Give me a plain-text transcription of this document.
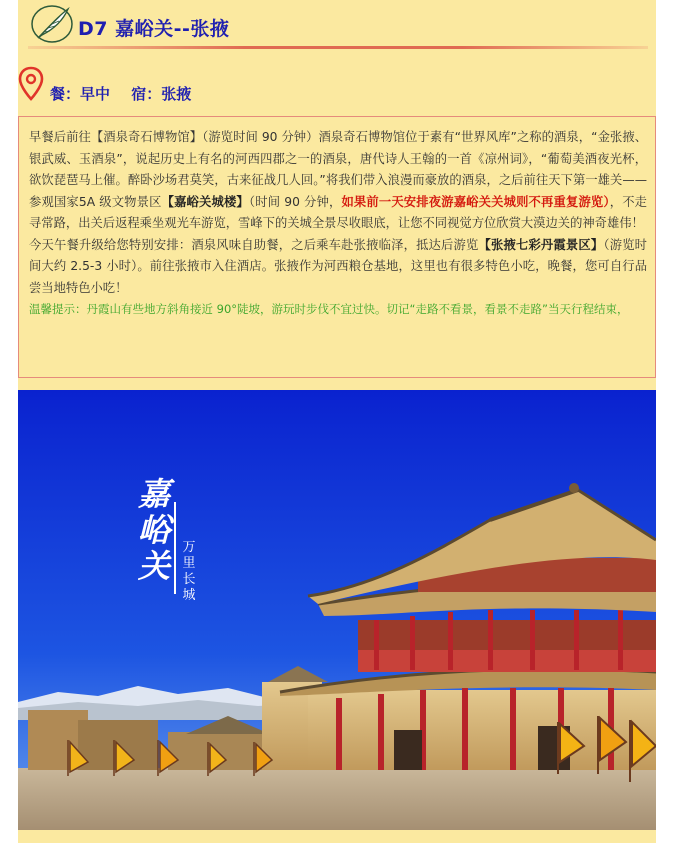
D7 嘉峪关--张掖
餐：早中 宿：张掖

早餐后前往【酒泉奇石博物馆】（游览时间 90 分钟）酒泉奇石博物馆位于素有“世界风库”之称的酒泉，“金张掖、银武威、玉酒泉”，说起历史上有名的河西四郡之一的酒泉，唐代诗人王翰的一首《凉州词》，“葡萄美酒夜光杯，欲饮琵琶马上催。醉卧沙场君莫笑，古来征战几人回。”将我们带入浪漫而豪放的酒泉，之后前往天下第一雄关——参观国家5A 级文物景区【嘉峪关城楼】（时间 90 分钟，如果前一天安排夜游嘉峪关关城则不再重复游览），不走寻常路，出关后返程乘坐观光车游览，雪峰下的关城全景尽收眼底，让您不同视觉方位欣赏大漠边关的神奇雄伟！

今天午餐升级给您特别安排：酒泉风味自助餐，之后乘车赴张掖临泽，抵达后游览【张掖七彩丹霞景区】（游览时间大约 2.5-3 小时）。前往张掖市入住酒店。张掖作为河西粮仓基地，这里也有很多特色小吃，晚餐，您可自行品尝当地特色小吃！

温馨提示：丹霞山有些地方斜角接近 90°陡坡，游玩时步伐不宜过快。切记“走路不看景，看景不走路”当天行程结束，

嘉峪关 万里长城
